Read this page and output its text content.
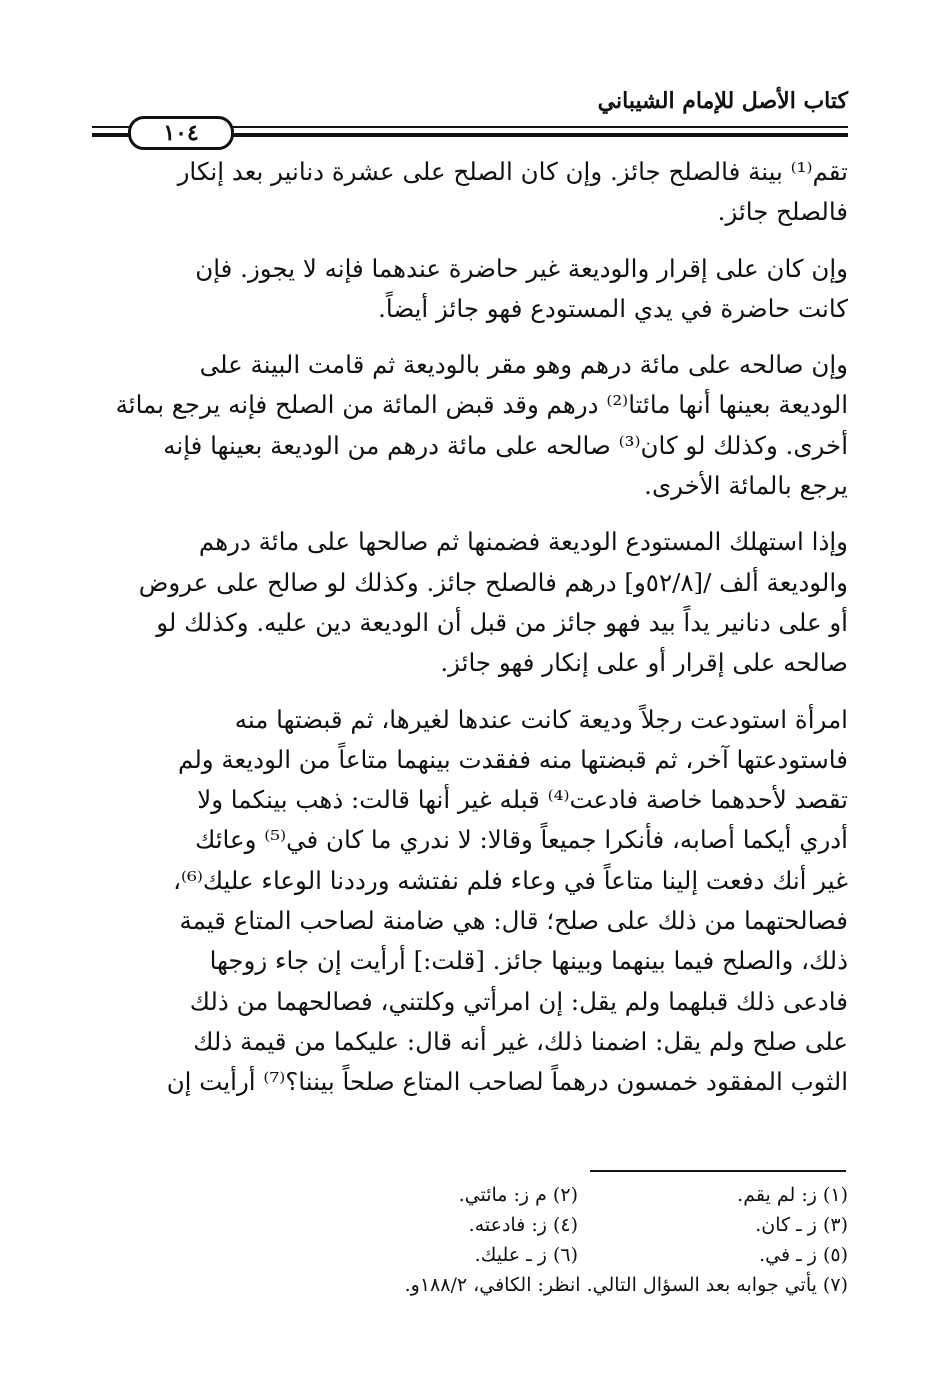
كتاب الأصل للإمام الشيباني
١٠٤

تقم⁽¹⁾ بينة فالصلح جائز. وإن كان الصلح على عشرة دنانير بعد إنكار

فالصلح جائز.

وإن كان على إقرار والوديعة غير حاضرة عندهما فإنه لا يجوز. فإن

كانت حاضرة في يدي المستودع فهو جائز أيضاً.

وإن صالحه على مائة درهم وهو مقر بالوديعة ثم قامت البينة على

الوديعة بعينها أنها مائتا⁽²⁾ درهم وقد قبض المائة من الصلح فإنه يرجع بمائة

أخرى. وكذلك لو كان⁽³⁾ صالحه على مائة درهم من الوديعة بعينها فإنه

يرجع بالمائة الأخرى.

وإذا استهلك المستودع الوديعة فضمنها ثم صالحها على مائة درهم

والوديعة ألف /[٥٢/٨و] درهم فالصلح جائز. وكذلك لو صالح على عروض

أو على دنانير يداً بيد فهو جائز من قبل أن الوديعة دين عليه. وكذلك لو

صالحه على إقرار أو على إنكار فهو جائز.

امرأة استودعت رجلاً وديعة كانت عندها لغيرها، ثم قبضتها منه

فاستودعتها آخر، ثم قبضتها منه ففقدت بينهما متاعاً من الوديعة ولم

تقصد لأحدهما خاصة فادعت⁽⁴⁾ قبله غير أنها قالت: ذهب بينكما ولا

أدري أيكما أصابه، فأنكرا جميعاً وقالا: لا ندري ما كان في⁽⁵⁾ وعائك

غير أنك دفعت إلينا متاعاً في وعاء فلم نفتشه ورددنا الوعاء عليك⁽⁶⁾،

فصالحتهما من ذلك على صلح؛ قال: هي ضامنة لصاحب المتاع قيمة

ذلك، والصلح فيما بينهما وبينها جائز. [قلت:] أرأيت إن جاء زوجها

فادعى ذلك قبلهما ولم يقل: إن امرأتي وكلتني، فصالحهما من ذلك

على صلح ولم يقل: اضمنا ذلك، غير أنه قال: عليكما من قيمة ذلك

الثوب المفقود خمسون درهماً لصاحب المتاع صلحاً بيننا؟⁽⁷⁾ أرأيت إن

(١) ز: لم يقم.
(٢) م ز: مائتي.
(٣) ز ـ كان.
(٤) ز: فادعته.
(٥) ز ـ في.
(٦) ز ـ عليك.
(٧) يأتي جوابه بعد السؤال التالي. انظر: الكافي، ١٨٨/٢و.
